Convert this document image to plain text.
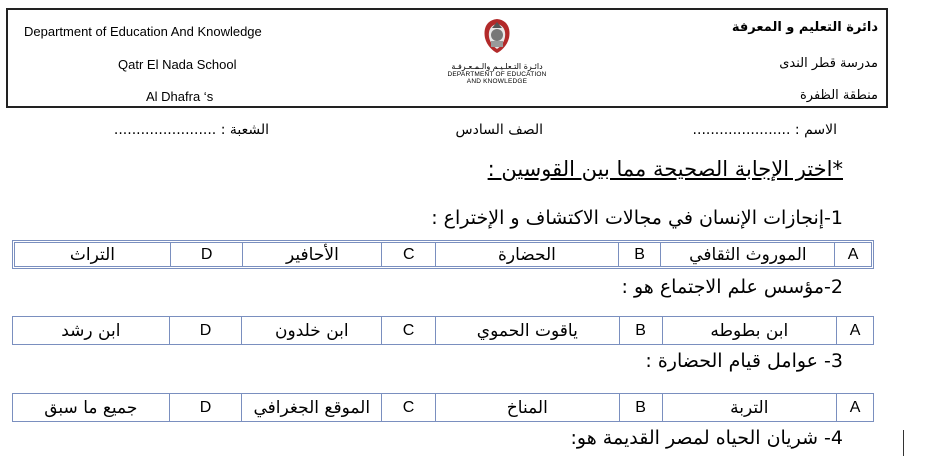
Department of Education And Knowledge
Qatr El Nada School
Al Dhafra ‘s
دائرة التعليم و المعرفة
مدرسة قطر الندى
منطقة الظفرة
دائـرة التـعلـيـم والـمـعـرفـة
DEPARTMENT OF EDUCATION
AND KNOWLEDGE
الاسم : ......................
الصف السادس
الشعبة : .......................
*اختر الإجابة الصحيحة مما بين القوسين :
1-إنجازات الإنسان في مجالات الاكتشاف و الإختراع :
التراث	D	الأحافير	C	الحضارة	B	الموروث الثقافي	A
2-مؤسس علم الاجتماع هو :
ابن رشد	D	ابن خلدون	C	ياقوت الحموي	B	ابن بطوطه	A
3- عوامل قيام الحضارة :
جميع ما سبق	D	الموقع الجغرافي	C	المناخ	B	التربة	A
4- شريان الحياه لمصر القديمة هو:
